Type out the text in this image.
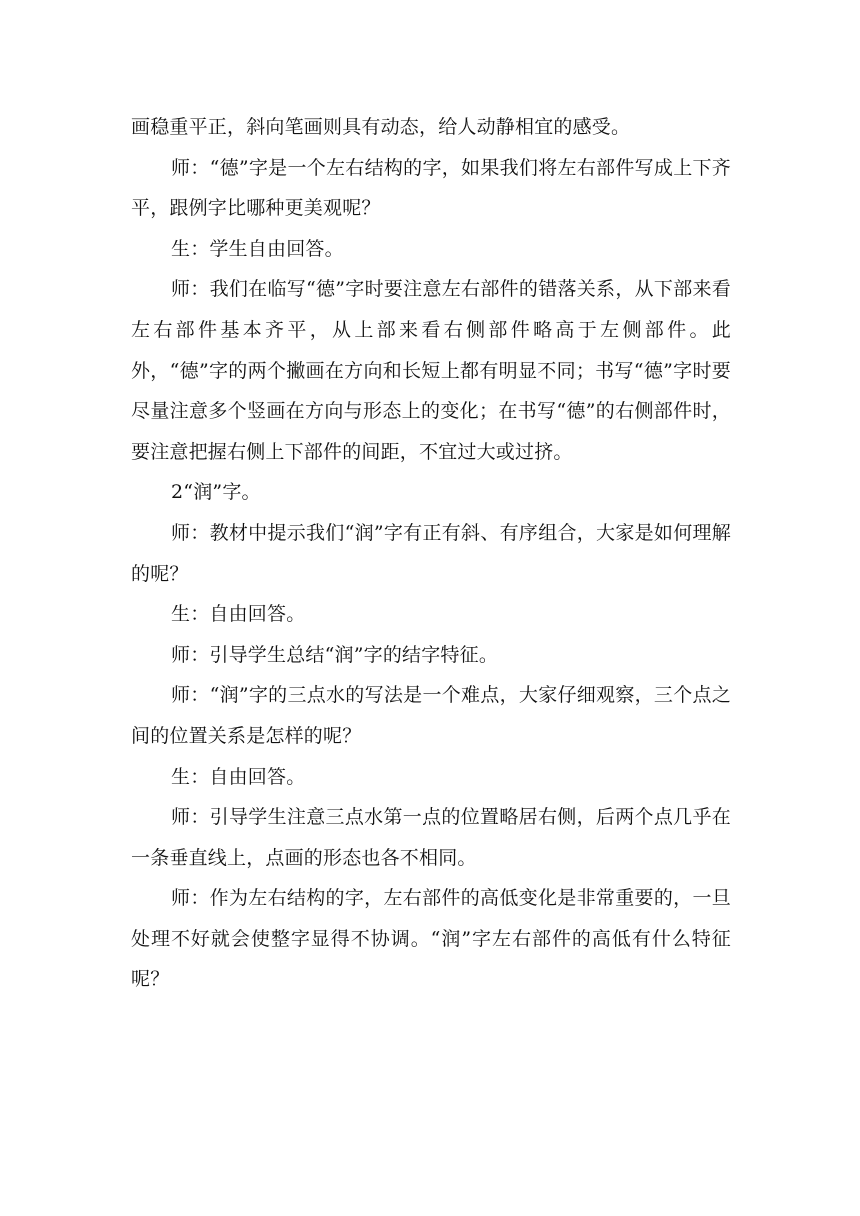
画稳重平正，斜向笔画则具有动态，给人动静相宜的感受。

师：“德”字是一个左右结构的字，如果我们将左右部件写成上下齐平，跟例字比哪种更美观呢？

生：学生自由回答。

师：我们在临写“德”字时要注意左右部件的错落关系，从下部来看左右部件基本齐平，从上部来看右侧部件略高于左侧部件。此外，“德”字的两个撇画在方向和长短上都有明显不同；书写“德”字时要尽量注意多个竖画在方向与形态上的变化；在书写“德”的右侧部件时，要注意把握右侧上下部件的间距，不宜过大或过挤。

2“润”字。

师：教材中提示我们“润”字有正有斜、有序组合，大家是如何理解的呢？

生：自由回答。

师：引导学生总结“润”字的结字特征。

师：“润”字的三点水的写法是一个难点，大家仔细观察，三个点之间的位置关系是怎样的呢？

生：自由回答。

师：引导学生注意三点水第一点的位置略居右侧，后两个点几乎在一条垂直线上，点画的形态也各不相同。

师：作为左右结构的字，左右部件的高低变化是非常重要的，一旦处理不好就会使整字显得不协调。“润”字左右部件的高低有什么特征呢？
